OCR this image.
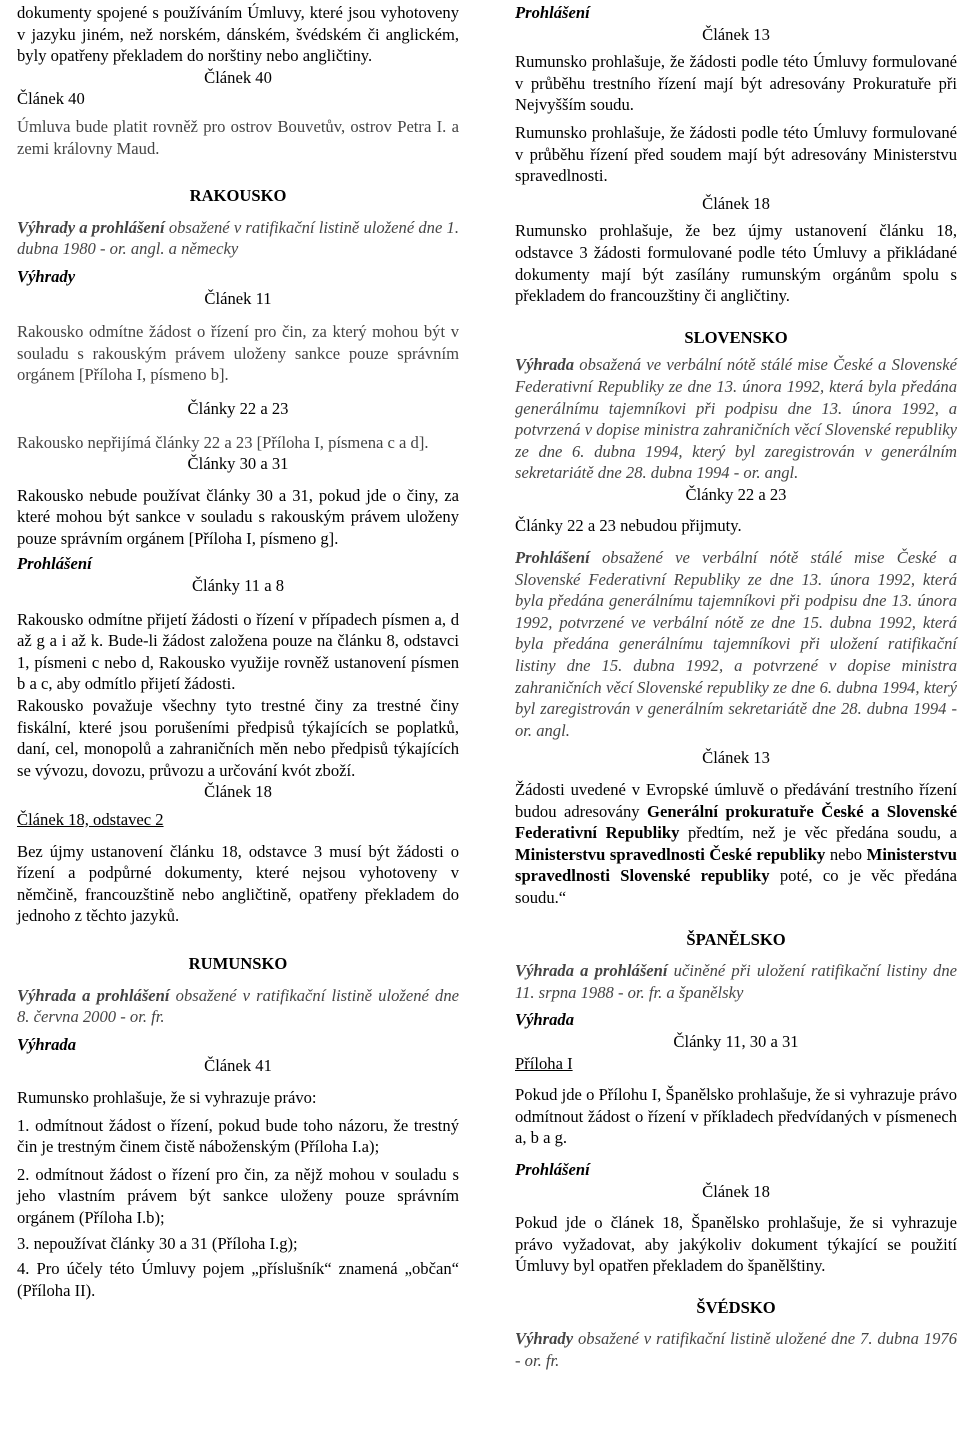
dokumenty spojené s používáním Úmluvy, které jsou vyhotoveny v jazyku jiném, než norském, dánském, švédském či anglickém, byly opatřeny překladem do norštiny nebo angličtiny.

Článek 40

Článek 40

Úmluva bude platit rovněž pro ostrov Bouvetův, ostrov Petra I. a zemi královny Maud.

RAKOUSKO

Výhrady a prohlášení obsažené v ratifikační listině uložené dne 1. dubna 1980 - or. angl. a německy

Výhrady

Článek 11

Rakousko odmítne žádost o řízení pro čin, za který mohou být v souladu s rakouským právem uloženy sankce pouze správním orgánem [Příloha I, písmeno b].

Články 22 a 23

Rakousko nepřijímá články 22 a 23 [Příloha I, písmena c a d].

Články 30 a 31

Rakousko nebude používat články 30 a 31, pokud jde o činy, za které mohou být sankce v souladu s rakouským právem uloženy pouze správním orgánem [Příloha I, písmeno g].

Prohlášení

Články 11 a 8

Rakousko odmítne přijetí žádosti o řízení v případech písmen a, d až g a i až k. Bude-li žádost založena pouze na článku 8, odstavci 1, písmeni c nebo d, Rakousko využije rovněž ustanovení písmen b a c, aby odmítlo přijetí žádosti.

Rakousko považuje všechny tyto trestné činy za trestné činy fiskální, které jsou porušeními předpisů týkajících se poplatků, daní, cel, monopolů a zahraničních měn nebo předpisů týkajících se vývozu, dovozu, průvozu a určování kvót zboží.

Článek 18

Článek 18, odstavec 2

Bez újmy ustanovení článku 18, odstavce 3 musí být žádosti o řízení a podpůrné dokumenty, které nejsou vyhotoveny v němčině, francouzštině nebo angličtině, opatřeny překladem do jednoho z těchto jazyků.

RUMUNSKO

Výhrada a prohlášení obsažené v ratifikační listině uložené dne 8. června 2000 - or. fr.

Výhrada

Článek 41

Rumunsko prohlašuje, že si vyhrazuje právo:

1. odmítnout žádost o řízení, pokud bude toho názoru, že trestný čin je trestným činem čistě náboženským (Příloha I.a);

2. odmítnout žádost o řízení pro čin, za nějž mohou v souladu s jeho vlastním právem být sankce uloženy pouze správním orgánem (Příloha I.b);

3. nepoužívat články 30 a 31 (Příloha I.g);

4. Pro účely této Úmluvy pojem „příslušník“ znamená „občan“ (Příloha II).

Prohlášení

Článek 13

Rumunsko prohlašuje, že žádosti podle této Úmluvy formulované v průběhu trestního řízení mají být adresovány Prokuratuře při Nejvyšším soudu.

Rumunsko prohlašuje, že žádosti podle této Úmluvy formulované v průběhu řízení před soudem mají být adresovány Ministerstvu spravedlnosti.

Článek 18

Rumunsko prohlašuje, že bez újmy ustanovení článku 18, odstavce 3 žádosti formulované podle této Úmluvy a přikládané dokumenty mají být zasílány rumunským orgánům spolu s překladem do francouzštiny či angličtiny.

SLOVENSKO

Výhrada obsažená ve verbální nótě stálé mise České a Slovenské Federativní Republiky ze dne 13. února 1992, která byla předána generálnímu tajemníkovi při podpisu dne 13. února 1992, a potvrzená v dopise ministra zahraničních věcí Slovenské republiky ze dne 6. dubna 1994, který byl zaregistrován v generálním sekretariátě dne 28. dubna 1994 - or. angl.

Články 22 a 23

Články 22 a 23 nebudou přijmuty.

Prohlášení obsažené ve verbální nótě stálé mise České a Slovenské Federativní Republiky ze dne 13. února 1992, která byla předána generálnímu tajemníkovi při podpisu dne 13. února 1992, potvrzené ve verbální nótě ze dne 15. dubna 1992, která byla předána generálnímu tajemníkovi při uložení ratifikační listiny dne 15. dubna 1992, a potvrzené v dopise ministra zahraničních věcí Slovenské republiky ze dne 6. dubna 1994, který byl zaregistrován v generálním sekretariátě dne 28. dubna 1994 - or. angl.

Článek 13

Žádosti uvedené v Evropské úmluvě o předávání trestního řízení budou adresovány Generální prokuratuře České a Slovenské Federativní Republiky předtím, než je věc předána soudu, a Ministerstvu spravedlnosti České republiky nebo Ministerstvu spravedlnosti Slovenské republiky poté, co je věc předána soudu.“

ŠPANĚLSKO

Výhrada a prohlášení učiněné při uložení ratifikační listiny dne 11. srpna 1988 - or. fr. a španělsky

Výhrada

Články 11, 30 a 31

Příloha I

Pokud jde o Přílohu I, Španělsko prohlašuje, že si vyhrazuje právo odmítnout žádost o řízení v příkladech předvídaných v písmenech a, b a g.

Prohlášení

Článek 18

Pokud jde o článek 18, Španělsko prohlašuje, že si vyhrazuje právo vyžadovat, aby jakýkoliv dokument týkající se použití Úmluvy byl opatřen překladem do španělštiny.

ŠVÉDSKO

Výhrady obsažené v ratifikační listině uložené dne 7. dubna 1976 - or. fr.
